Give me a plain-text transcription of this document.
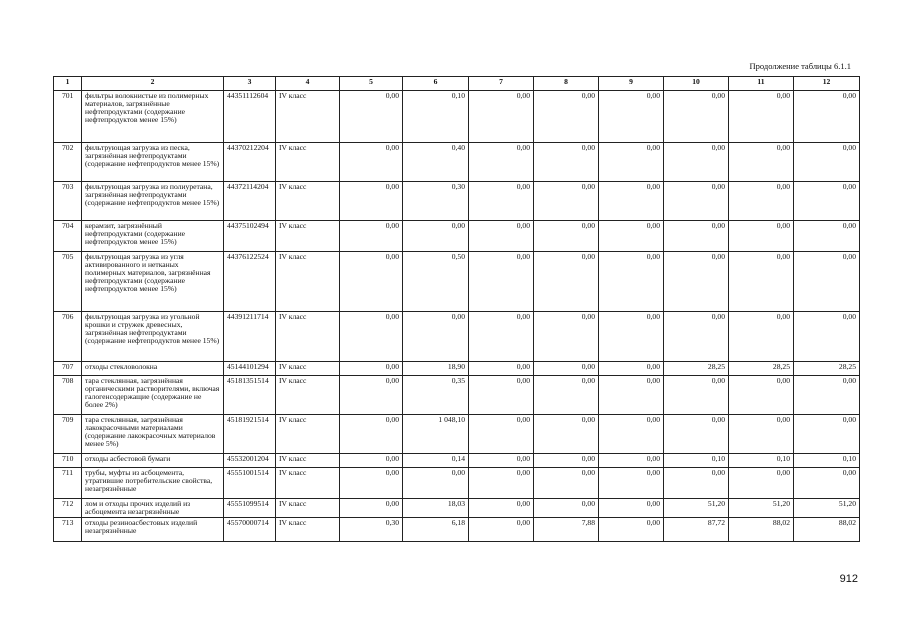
Продолжение таблицы 6.1.1
1	2	3	4	5	6	7	8	9	10	11	12
701	фильтры волокнистые из полимерных материалов, загрязнённые нефтепродуктами (содержание нефтепродуктов менее 15%)	44351112604	IV класс	0,00	0,10	0,00	0,00	0,00	0,00	0,00	0,00
702	фильтрующая загрузка из песка, загрязнённая нефтепродуктами (содержание нефтепродуктов менее 15%)	44370212204	IV класс	0,00	0,40	0,00	0,00	0,00	0,00	0,00	0,00
703	фильтрующая загрузка из полиуретана, загрязнённая нефтепродуктами (содержание нефтепродуктов менее 15%)	44372114204	IV класс	0,00	0,30	0,00	0,00	0,00	0,00	0,00	0,00
704	керамзит, загрязнённый нефтепродуктами (содержание нефтепродуктов менее 15%)	44375102494	IV класс	0,00	0,00	0,00	0,00	0,00	0,00	0,00	0,00
705	фильтрующая загрузка из угля активированного и нетканых полимерных материалов, загрязнённая нефтепродуктами (содержание нефтепродуктов менее 15%)	44376122524	IV класс	0,00	0,50	0,00	0,00	0,00	0,00	0,00	0,00
706	фильтрующая загрузка из угольной крошки и стружек древесных, загрязнённая нефтепродуктами (содержание нефтепродуктов менее 15%)	44391211714	IV класс	0,00	0,00	0,00	0,00	0,00	0,00	0,00	0,00
707	отходы стекловолокна	45144101294	IV класс	0,00	18,90	0,00	0,00	0,00	28,25	28,25	28,25
708	тара стеклянная, загрязнённая органическими растворителями, включая галогенсодержащие (содержание не более 2%)	45181351514	IV класс	0,00	0,35	0,00	0,00	0,00	0,00	0,00	0,00
709	тара стеклянная, загрязнённая лакокрасочными материалами (содержание лакокрасочных материалов менее 5%)	45181921514	IV класс	0,00	1 048,10	0,00	0,00	0,00	0,00	0,00	0,00
710	отходы асбестовой бумаги	45532001204	IV класс	0,00	0,14	0,00	0,00	0,00	0,10	0,10	0,10
711	трубы, муфты из асбоцемента, утратившие потребительские свойства, незагрязнённые	45551001514	IV класс	0,00	0,00	0,00	0,00	0,00	0,00	0,00	0,00
712	лом и отходы прочих изделий из асбоцемента незагрязнённые	45551099514	IV класс	0,00	18,03	0,00	0,00	0,00	51,20	51,20	51,20
713	отходы резиноасбестовых изделий незагрязнённые	45570000714	IV класс	0,30	6,18	0,00	7,88	0,00	87,72	88,02	88,02
912
